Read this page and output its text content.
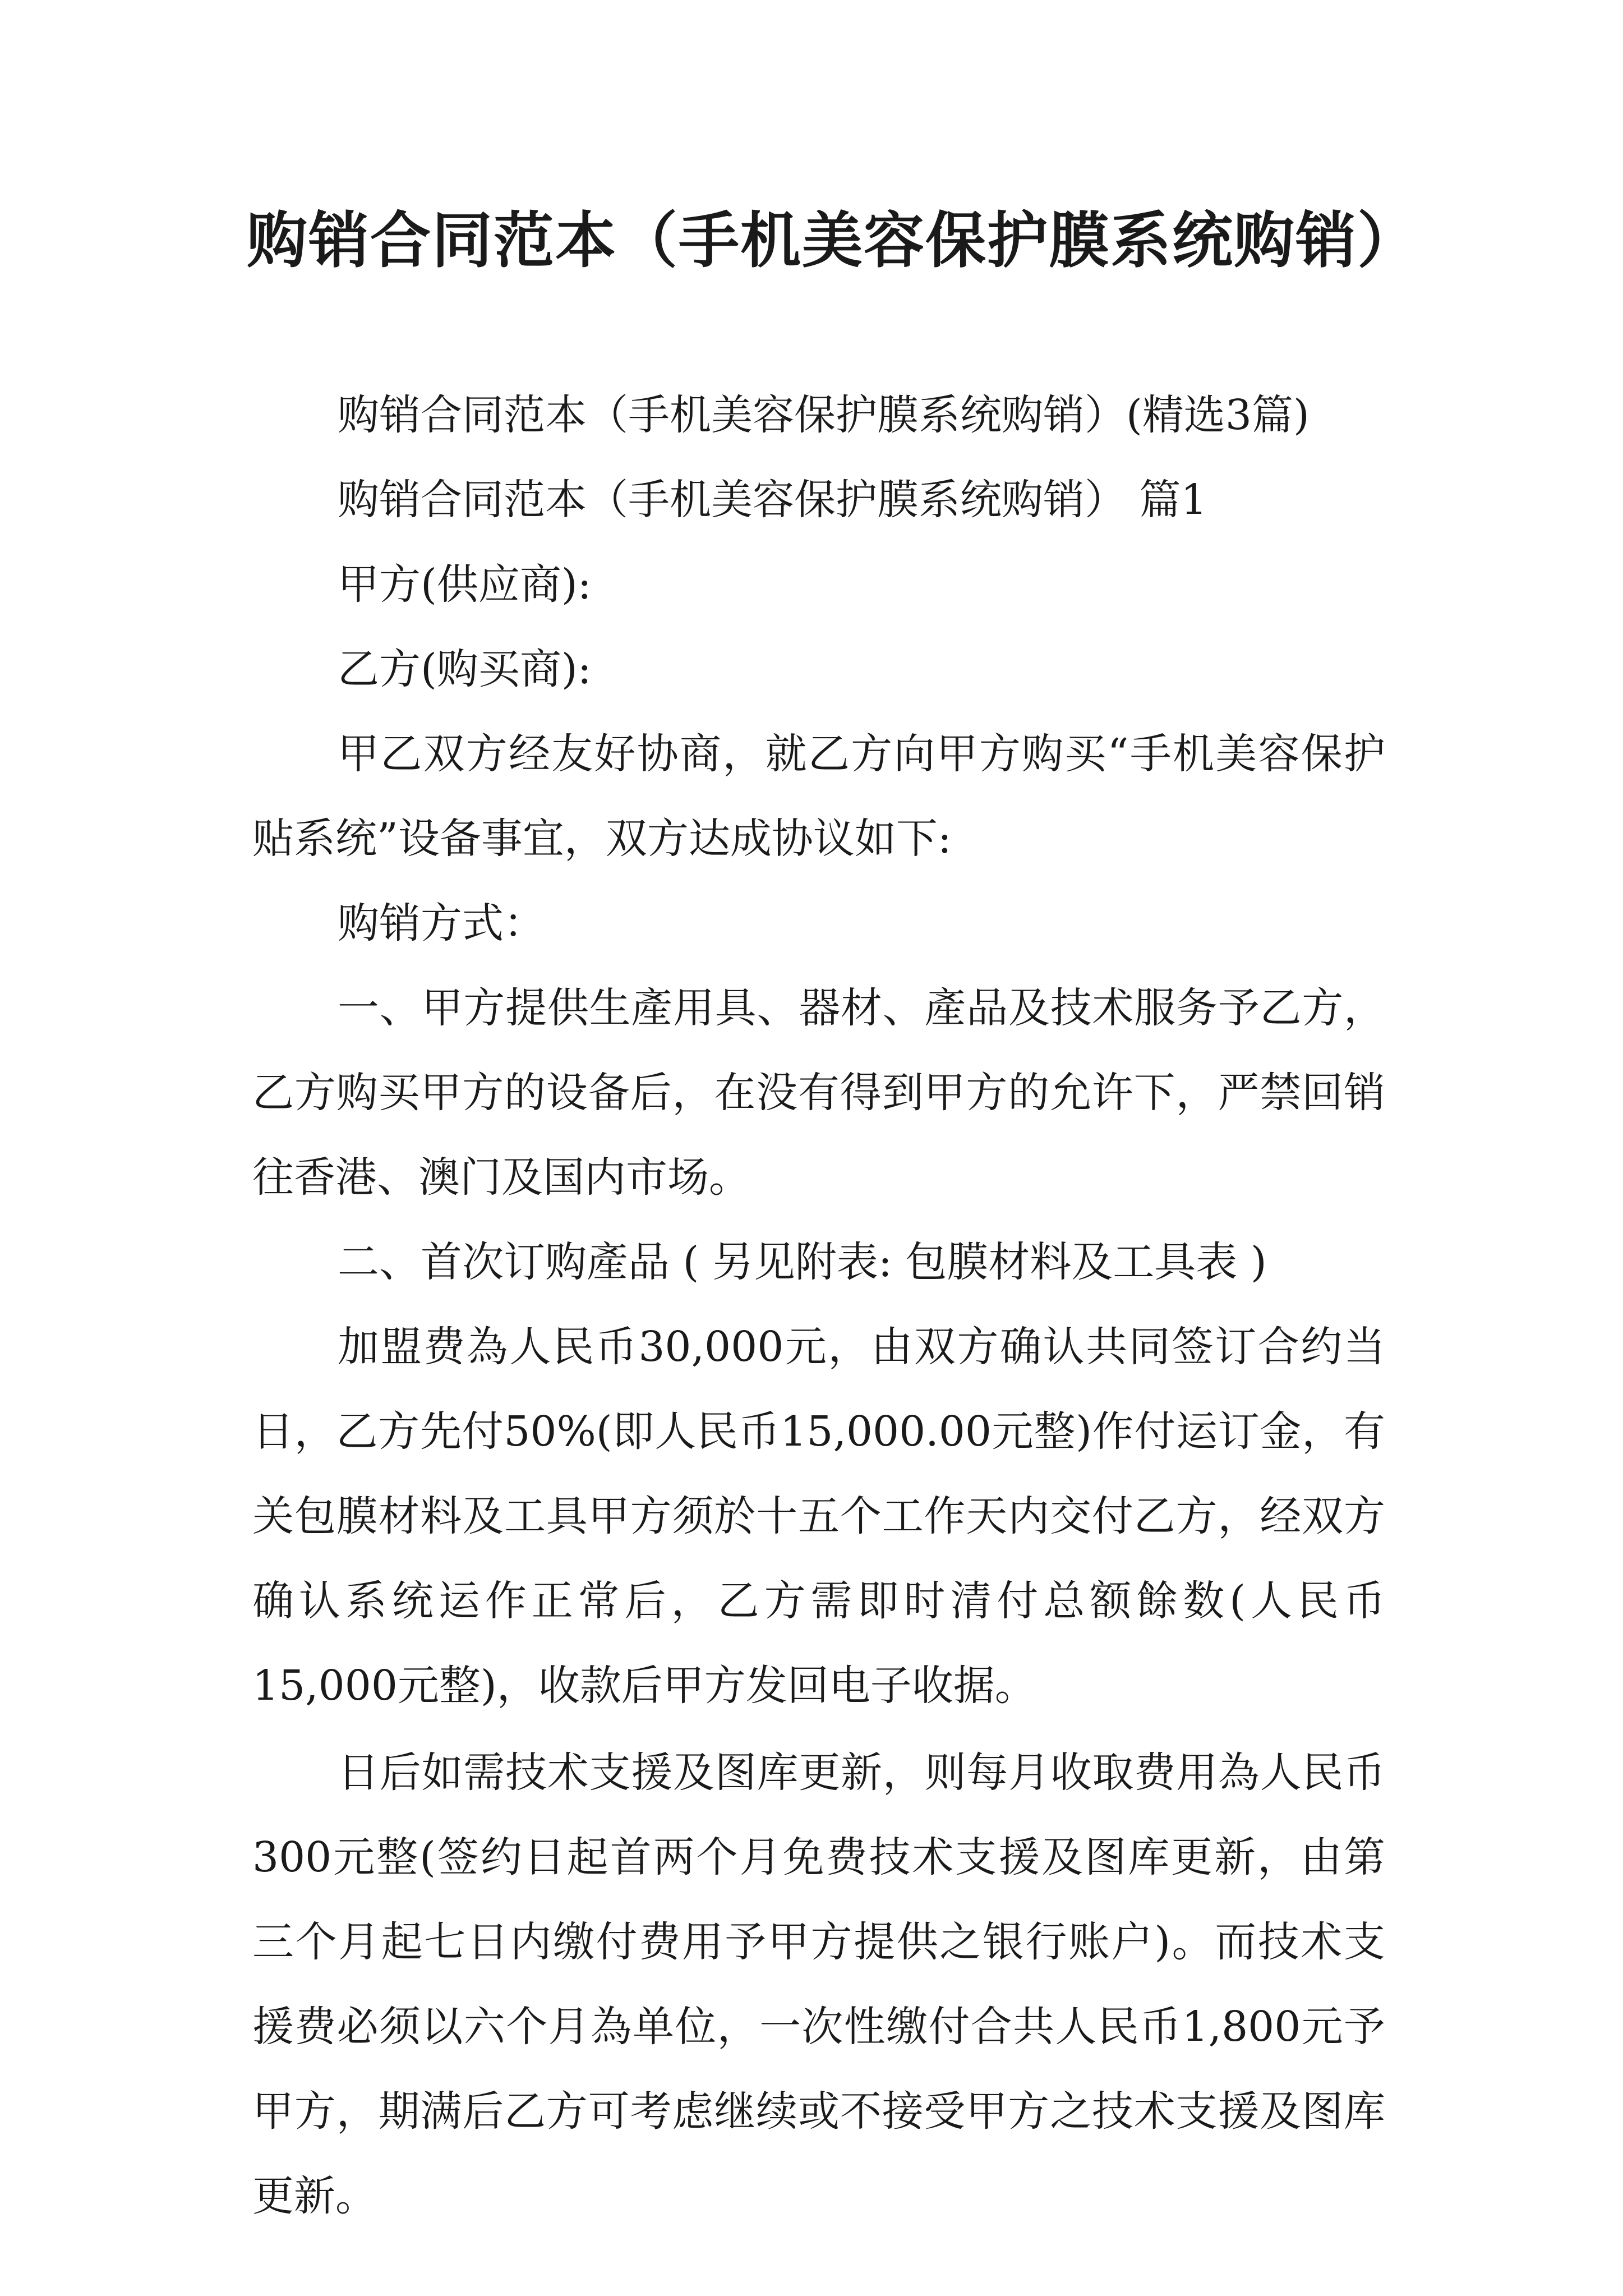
购销合同范本（手机美容保护膜系统购销）

购销合同范本（手机美容保护膜系统购销）(精选3篇)

购销合同范本（手机美容保护膜系统购销） 篇1

甲方(供应商):

乙方(购买商):

甲乙双方经友好协商，就乙方向甲方购买“手机美容保护贴系统”设备事宜，双方达成协议如下:

购销方式：

一、甲方提供生產用具、器材、產品及技术服务予乙方，乙方购买甲方的设备后，在没有得到甲方的允许下，严禁回销往香港、澳门及国内市场。

二、首次订购產品 ( 另见附表: 包膜材料及工具表 )

加盟费為人民币30,000元，由双方确认共同签订合约当日，乙方先付50%(即人民币15,000.00元整)作付运订金，有关包膜材料及工具甲方须於十五个工作天内交付乙方，经双方确认系统运作正常后，乙方需即时清付总额餘数(人民币15,000元整)，收款后甲方发回电子收据。

日后如需技术支援及图库更新，则每月收取费用為人民币300元整(签约日起首两个月免费技术支援及图库更新，由第三个月起七日内缴付费用予甲方提供之银行账户)。而技术支援费必须以六个月為单位，一次性缴付合共人民币1,800元予甲方，期满后乙方可考虑继续或不接受甲方之技术支援及图库更新。
